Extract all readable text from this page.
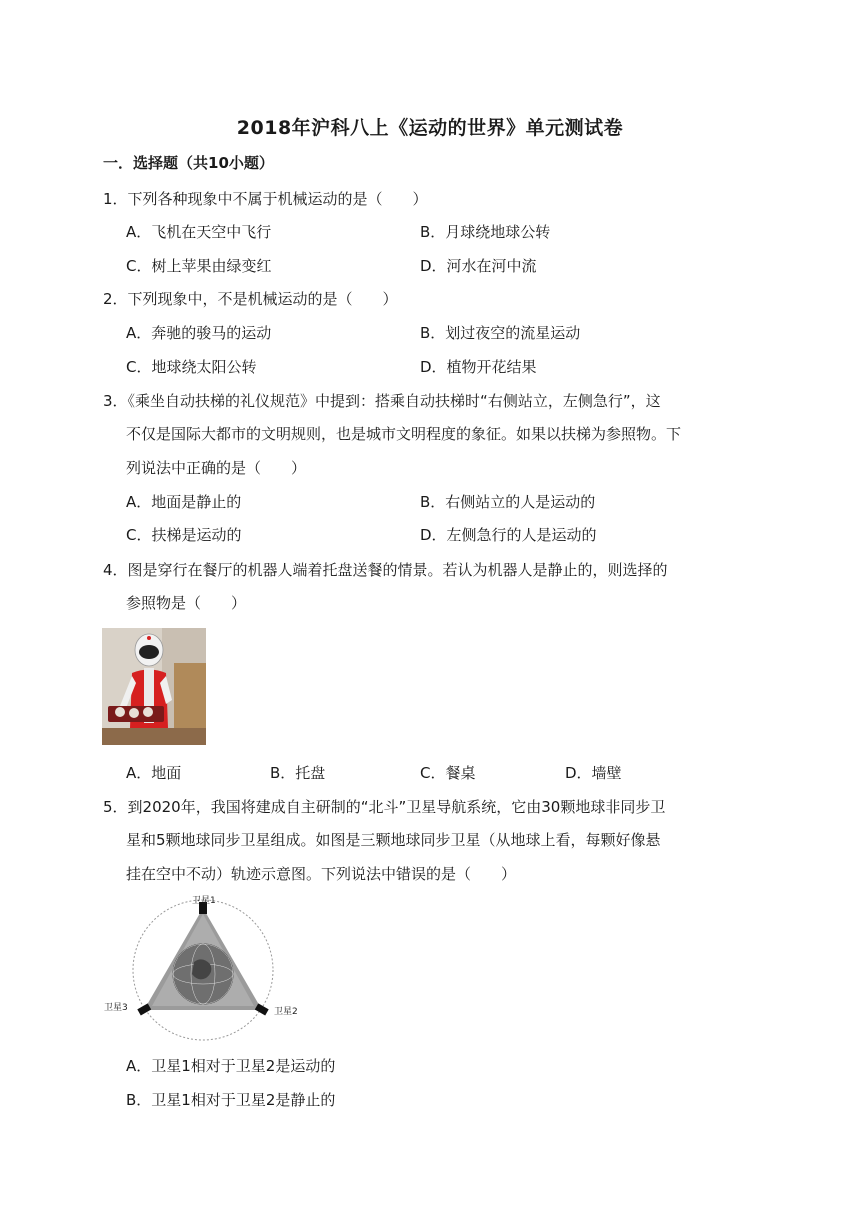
2018年沪科八上《运动的世界》单元测试卷
一．选择题（共10小题）
1．下列各种现象中不属于机械运动的是（　　）
A．飞机在天空中飞行	B．月球绕地球公转
C．树上苹果由绿变红	D．河水在河中流
2．下列现象中，不是机械运动的是（　　）
A．奔驰的骏马的运动	B．划过夜空的流星运动
C．地球绕太阳公转	D．植物开花结果
3．《乘坐自动扶梯的礼仪规范》中提到：搭乘自动扶梯时“右侧站立，左侧急行”，这
不仅是国际大都市的文明规则，也是城市文明程度的象征。如果以扶梯为参照物。下
列说法中正确的是（　　）
A．地面是静止的	B．右侧站立的人是运动的
C．扶梯是运动的	D．左侧急行的人是运动的
4．图是穿行在餐厅的机器人端着托盘送餐的情景。若认为机器人是静止的，则选择的
参照物是（　　）
A．地面	B．托盘	C．餐桌	D．墙壁
5．到2020年，我国将建成自主研制的“北斗”卫星导航系统，它由30颗地球非同步卫
星和5颗地球同步卫星组成。如图是三颗地球同步卫星（从地球上看，每颗好像悬
挂在空中不动）轨迹示意图。下列说法中错误的是（　　）
卫星1
卫星2
卫星3
A．卫星1相对于卫星2是运动的
B．卫星1相对于卫星2是静止的
